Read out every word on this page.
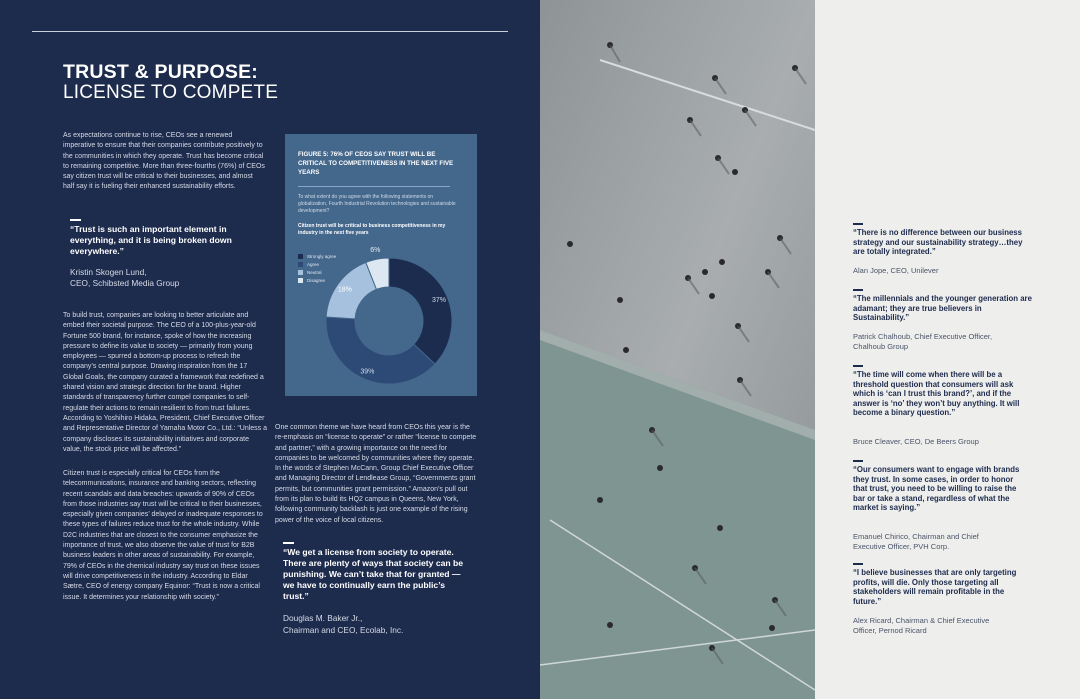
TRUST & PURPOSE:
LICENSE TO COMPETE

As expectations continue to rise, CEOs see a renewed imperative to ensure that their companies contribute positively to the communities in which they operate. Trust has become critical to remaining competitive. More than three-fourths (76%) of CEOs say citizen trust will be critical to their businesses, and almost half say it is fueling their enhanced sustainability efforts.

“Trust is such an important element in everything, and it is being broken down everywhere.”

Kristin Skogen Lund,

CEO, Schibsted Media Group

To build trust, companies are looking to better articulate and embed their societal purpose. The CEO of a 100-plus-year-old Fortune 500 brand, for instance, spoke of how the increasing pressure to define its value to society — primarily from young employees — spurred a bottom-up process to refresh the company’s central purpose. Drawing inspiration from the 17 Global Goals, the company curated a framework that redefined a shared vision and strategic direction for the brand. Higher standards of transparency further compel companies to self-regulate their actions to remain resilient to from trust failures. According to Yoshihiro Hidaka, President, Chief Executive Officer and Representative Director of Yamaha Motor Co., Ltd.: “Unless a company discloses its sustainability initiatives and corporate value, the stock price will be affected.”

Citizen trust is especially critical for CEOs from the telecommunications, insurance and banking sectors, reflecting recent scandals and data breaches: upwards of 90% of CEOs from those industries say trust will be critical to their businesses, especially given companies’ delayed or inadequate responses to these types of failures reduce trust for the whole industry. While D2C industries that are closest to the consumer emphasize the importance of trust, we also observe the value of trust for B2B business leaders in other areas of sustainability. For example, 79% of CEOs in the chemical industry say trust on these issues will drive competitiveness in the industry. According to Eldar Sætre, CEO of energy company Equinor: “Trust is now a critical issue. It determines your relationship with society.”

One common theme we have heard from CEOs this year is the re-emphasis on “license to operate” or rather “license to compete and partner,” with a growing importance on the need for companies to be welcomed by communities where they operate. In the words of Stephen McCann, Group Chief Executive Officer and Managing Director of Lendlease Group, “Governments grant permits, but communities grant permission.” Amazon’s pull out from its plan to build its HQ2 campus in Queens, New York, following community backlash is just one example of the rising power of the voice of local citizens.

“We get a license from society to operate. There are plenty of ways that society can be punishing. We can’t take that for granted — we have to continually earn the public’s trust.”

Douglas M. Baker Jr.,

Chairman and CEO, Ecolab, Inc.

FIGURE 5: 76% OF CEOS SAY TRUST WILL BE CRITICAL TO COMPETITIVENESS IN THE NEXT FIVE YEARS

To what extent do you agree with the following statements on globalization, Fourth Industrial Revolution technologies and sustainable development?

Citizen trust will be critical to business competitiveness in my industry in the next five years

Strongly agree
Agree
Neutral
Disagree
37%
39%
18%
6%

“There is no difference between our business strategy and our sustainability strategy…they are totally integrated.”

Alan Jope, CEO, Unilever

“The millennials and the younger generation are adamant; they are true believers in Sustainability.”

Patrick Chalhoub, Chief Executive Officer, Chalhoub Group

“The time will come when there will be a threshold question that consumers will ask which is ‘can I trust this brand?’, and if the answer is ‘no’ they won’t buy anything. It will become a binary question.”

Bruce Cleaver, CEO, De Beers Group

“Our consumers want to engage with brands they trust. In some cases, in order to honor that trust, you need to be willing to raise the bar or take a stand, regardless of what the market is saying.”

Emanuel Chirico, Chairman and Chief Executive Officer, PVH Corp.

“I believe businesses that are only targeting profits, will die. Only those targeting all stakeholders will remain profitable in the future.”

Alex Ricard, Chairman & Chief Executive Officer, Pernod Ricard
